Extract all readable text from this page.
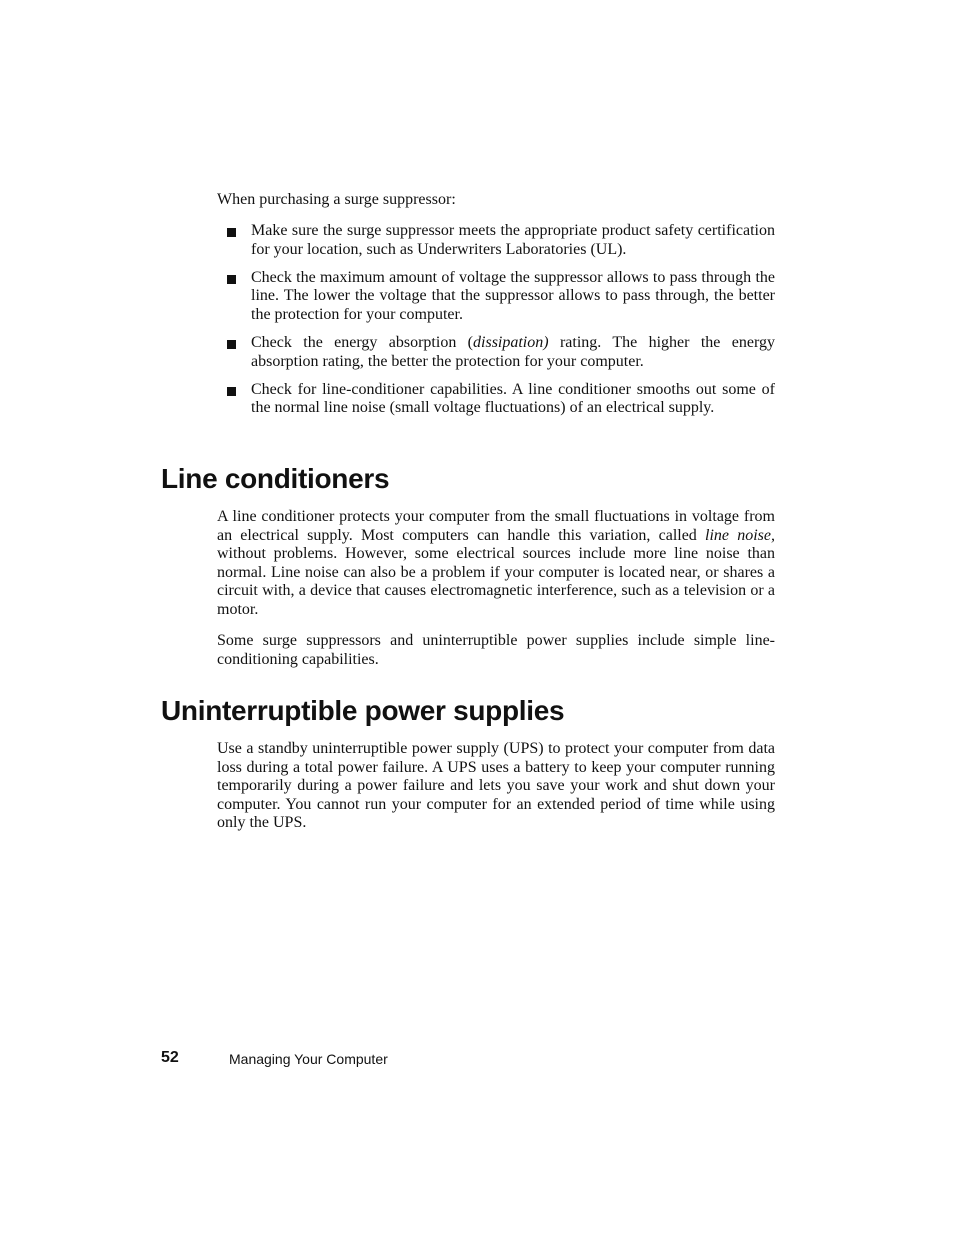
When purchasing a surge suppressor:

Make sure the surge suppressor meets the appropriate product safety certification for your location, such as Underwriters Laboratories (UL).
Check the maximum amount of voltage the suppressor allows to pass through the line. The lower the voltage that the suppressor allows to pass through, the better the protection for your computer.
Check the energy absorption (dissipation) rating. The higher the energy absorption rating, the better the protection for your computer.
Check for line-conditioner capabilities. A line conditioner smooths out some of the normal line noise (small voltage fluctuations) of an electrical supply.
Line conditioners

A line conditioner protects your computer from the small fluctuations in voltage from an electrical supply. Most computers can handle this variation, called line noise, without problems. However, some electrical sources include more line noise than normal. Line noise can also be a problem if your computer is located near, or shares a circuit with, a device that causes electromagnetic interference, such as a television or a motor.

Some surge suppressors and uninterruptible power supplies include simple line-conditioning capabilities.

Uninterruptible power supplies

Use a standby uninterruptible power supply (UPS) to protect your computer from data loss during a total power failure. A UPS uses a battery to keep your computer running temporarily during a power failure and lets you save your work and shut down your computer. You cannot run your computer for an extended period of time while using only the UPS.

52	Managing Your Computer
